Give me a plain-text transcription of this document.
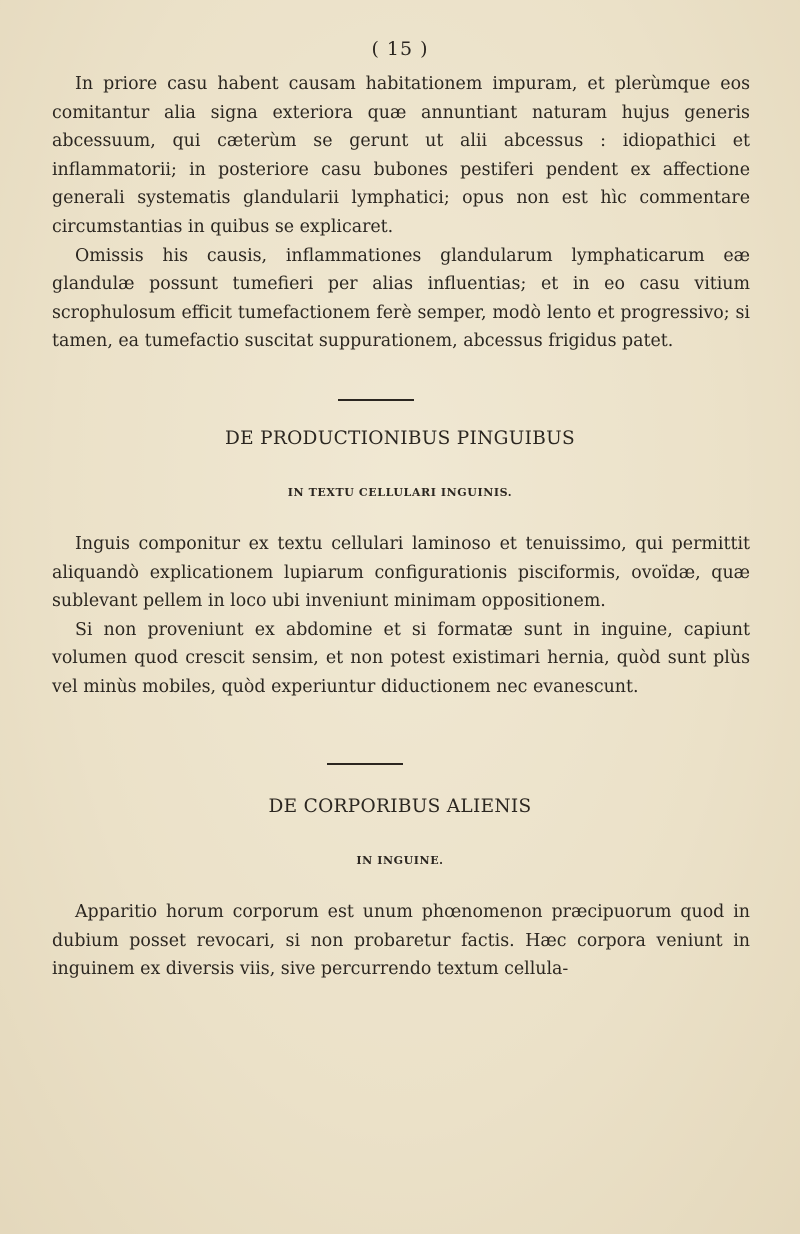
( 15 )

In priore casu habent causam habitationem impuram, et plerùmque eos comitantur alia signa exteriora quæ annuntiant naturam hujus generis abcessuum, qui cæterùm se gerunt ut alii abcessus : idiopathici et inflammatorii; in posteriore casu bubones pestiferi pendent ex affectione generali systematis glandularii lymphatici; opus non est hìc commentare circumstantias in quibus se explicaret.

Omissis his causis, inflammationes glandularum lymphaticarum eæ glandulæ possunt tumefieri per alias influentias; et in eo casu vitium scrophulosum efficit tumefactionem ferè semper, modò lento et progressivo; si tamen, ea tumefactio suscitat suppurationem, abcessus frigidus patet.

DE PRODUCTIONIBUS PINGUIBUS
IN TEXTU CELLULARI INGUINIS.

Inguis componitur ex textu cellulari laminoso et tenuissimo, qui permittit aliquandò explicationem lupiarum configurationis pisciformis, ovoïdæ, quæ sublevant pellem in loco ubi inveniunt minimam oppositionem.

Si non proveniunt ex abdomine et si formatæ sunt in inguine, capiunt volumen quod crescit sensim, et non potest existimari hernia, quòd sunt plùs vel minùs mobiles, quòd experiuntur diductionem nec evanescunt.

DE CORPORIBUS ALIENIS
IN INGUINE.

Apparitio horum corporum est unum phœnomenon præcipuorum quod in dubium posset revocari, si non probaretur factis. Hæc corpora veniunt in inguinem ex diversis viis, sive percurrendo textum cellula-
